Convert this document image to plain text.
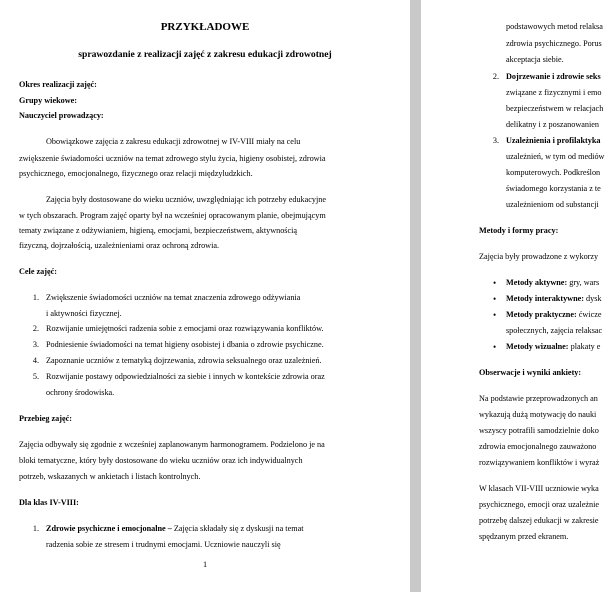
PRZYKŁADOWE
sprawozdanie z realizacji zajęć z zakresu edukacji zdrowotnej
Okres realizacji zajęć:
Grupy wiekowe:
Nauczyciel prowadzący:
Obowiązkowe zajęcia z zakresu edukacji zdrowotnej w IV-VIII miały na celu
zwiększenie świadomości uczniów na temat zdrowego stylu życia, higieny osobistej, zdrowia
psychicznego, emocjonalnego, fizycznego oraz relacji międzyludzkich.
Zajęcia były dostosowane do wieku uczniów, uwzględniając ich potrzeby edukacyjne
w tych obszarach. Program zajęć oparty był na wcześniej opracowanym planie, obejmującym
tematy związane z odżywianiem, higieną, emocjami, bezpieczeństwem, aktywnością
fizyczną, dojrzałością, uzależnieniami oraz ochroną zdrowia.
Cele zajęć:
1. Zwiększenie świadomości uczniów na temat znaczenia zdrowego odżywiania
i aktywności fizycznej.
2. Rozwijanie umiejętności radzenia sobie z emocjami oraz rozwiązywania konfliktów.
3. Podniesienie świadomości na temat higieny osobistej i dbania o zdrowie psychiczne.
4. Zapoznanie uczniów z tematyką dojrzewania, zdrowia seksualnego oraz uzależnień.
5. Rozwijanie postawy odpowiedzialności za siebie i innych w kontekście zdrowia oraz
ochrony środowiska.
Przebieg zajęć:
Zajęcia odbywały się zgodnie z wcześniej zaplanowanym harmonogramem. Podzielono je na
bloki tematyczne, który były dostosowane do wieku uczniów oraz ich indywidualnych
potrzeb, wskazanych w ankietach i listach kontrolnych.
Dla klas IV-VIII:
1. Zdrowie psychiczne i emocjonalne – Zajęcia składały się z dyskusji na temat
radzenia sobie ze stresem i trudnymi emocjami. Uczniowie nauczyli się
1
podstawowych metod relaksa
zdrowia psychicznego. Porus
akceptacja siebie.
2. Dojrzewanie i zdrowie seks
związane z fizycznymi i emo
bezpieczeństwem w relacjach
delikatny i z poszanowanien
3. Uzależnienia i profilaktyka
uzależnień, w tym od mediów
komputerowych. Podkreślon
świadomego korzystania z te
uzależnieniom od substancji
Metody i formy pracy:
Zajęcia były prowadzone z wykorzy
• Metody aktywne: gry, wars
• Metody interaktywne: dysk
• Metody praktyczne: ćwicze
społecznych, zajęcia relaksac
• Metody wizualne: plakaty e
Obserwacje i wyniki ankiety:
Na podstawie przeprowadzonych an
wykazują dużą motywację do nauki
wszyscy potrafili samodzielnie doko
zdrowia emocjonalnego zauważono
rozwiązywaniem konfliktów i wyraż
W klasach VII-VIII uczniowie wyka
psychicznego, emocji oraz uzależnie
potrzebę dalszej edukacji w zakresie
spędzanym przed ekranem.
